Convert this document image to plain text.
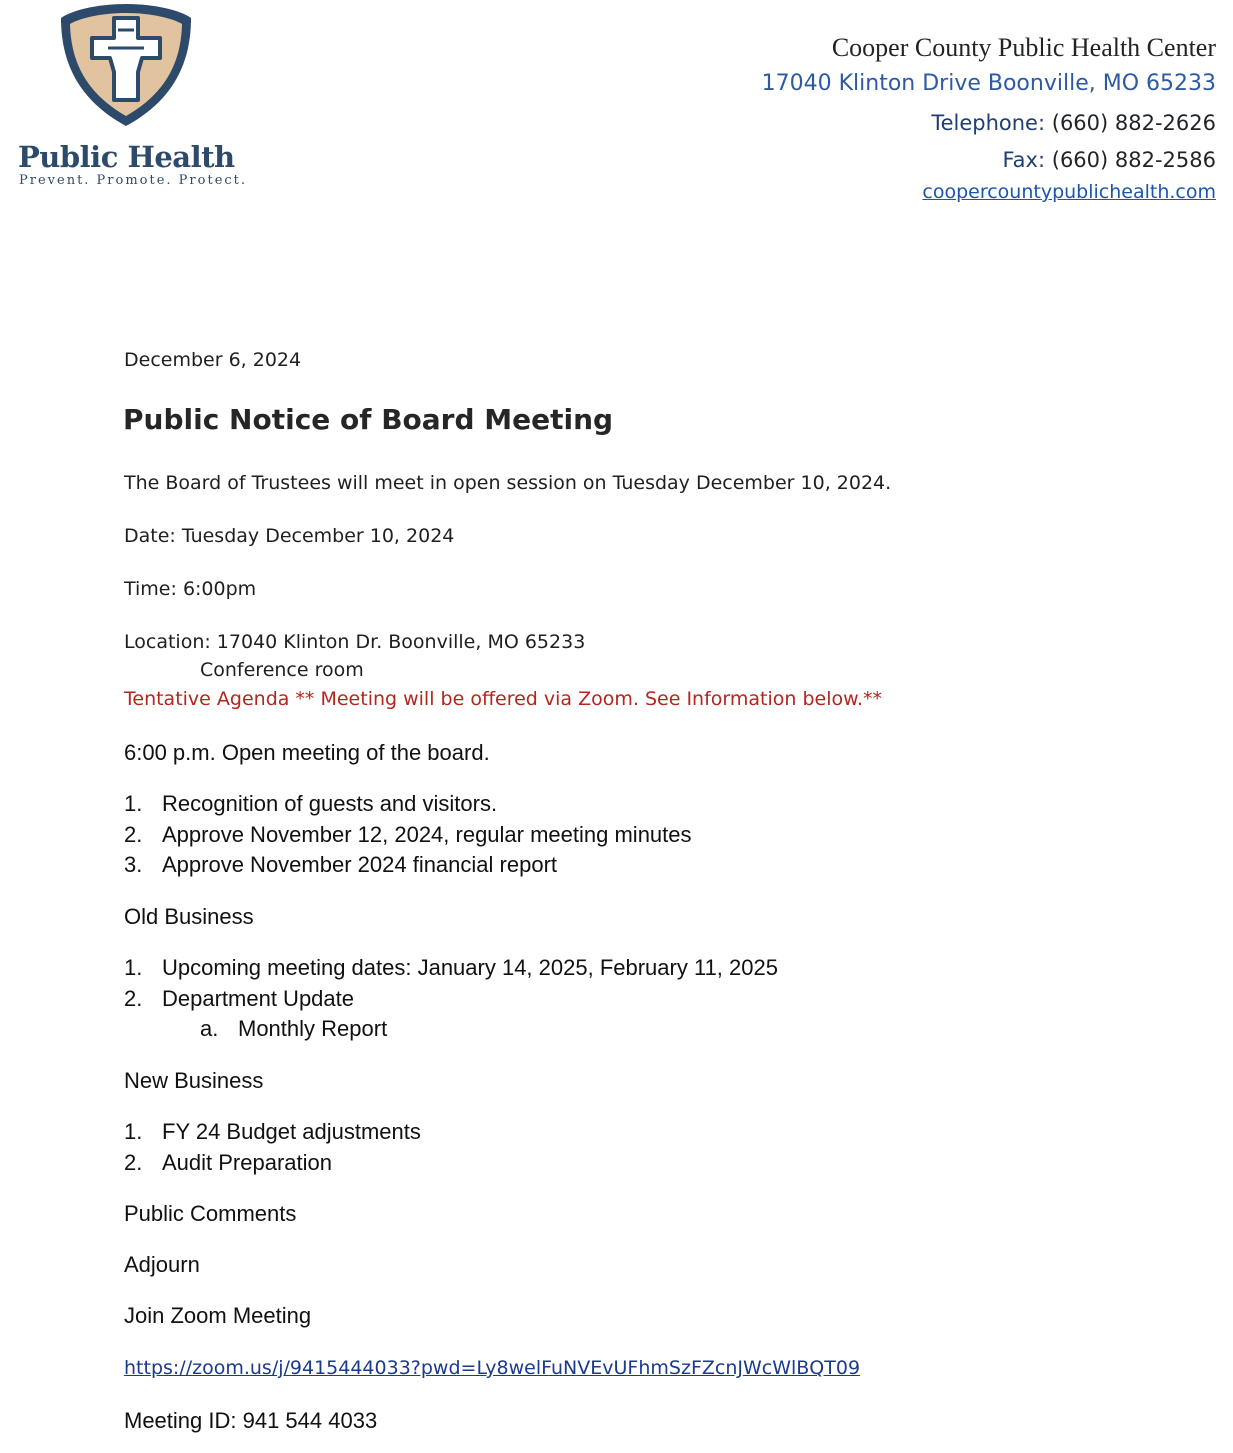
Public Health
Prevent. Promote. Protect.
Cooper County Public Health Center
17040 Klinton Drive Boonville, MO 65233
Telephone: (660) 882-2626
Fax: (660) 882-2586
coopercountypublichealth.com
December 6, 2024
Public Notice of Board Meeting
The Board of Trustees will meet in open session on Tuesday December 10, 2024.
Date: Tuesday December 10, 2024
Time: 6:00pm
Location: 17040 Klinton Dr. Boonville, MO 65233
Conference room
Tentative Agenda ** Meeting will be offered via Zoom. See Information below.**
6:00 p.m. Open meeting of the board.
1. Recognition of guests and visitors.
2. Approve November 12, 2024, regular meeting minutes
3. Approve November 2024 financial report
Old Business
1. Upcoming meeting dates: January 14, 2025, February 11, 2025
2. Department Update
a. Monthly Report
New Business
1. FY 24 Budget adjustments
2. Audit Preparation
Public Comments
Adjourn
Join Zoom Meeting
https://zoom.us/j/9415444033?pwd=Ly8welFuNVEvUFhmSzFZcnJWcWlBQT09
Meeting ID: 941 544 4033
